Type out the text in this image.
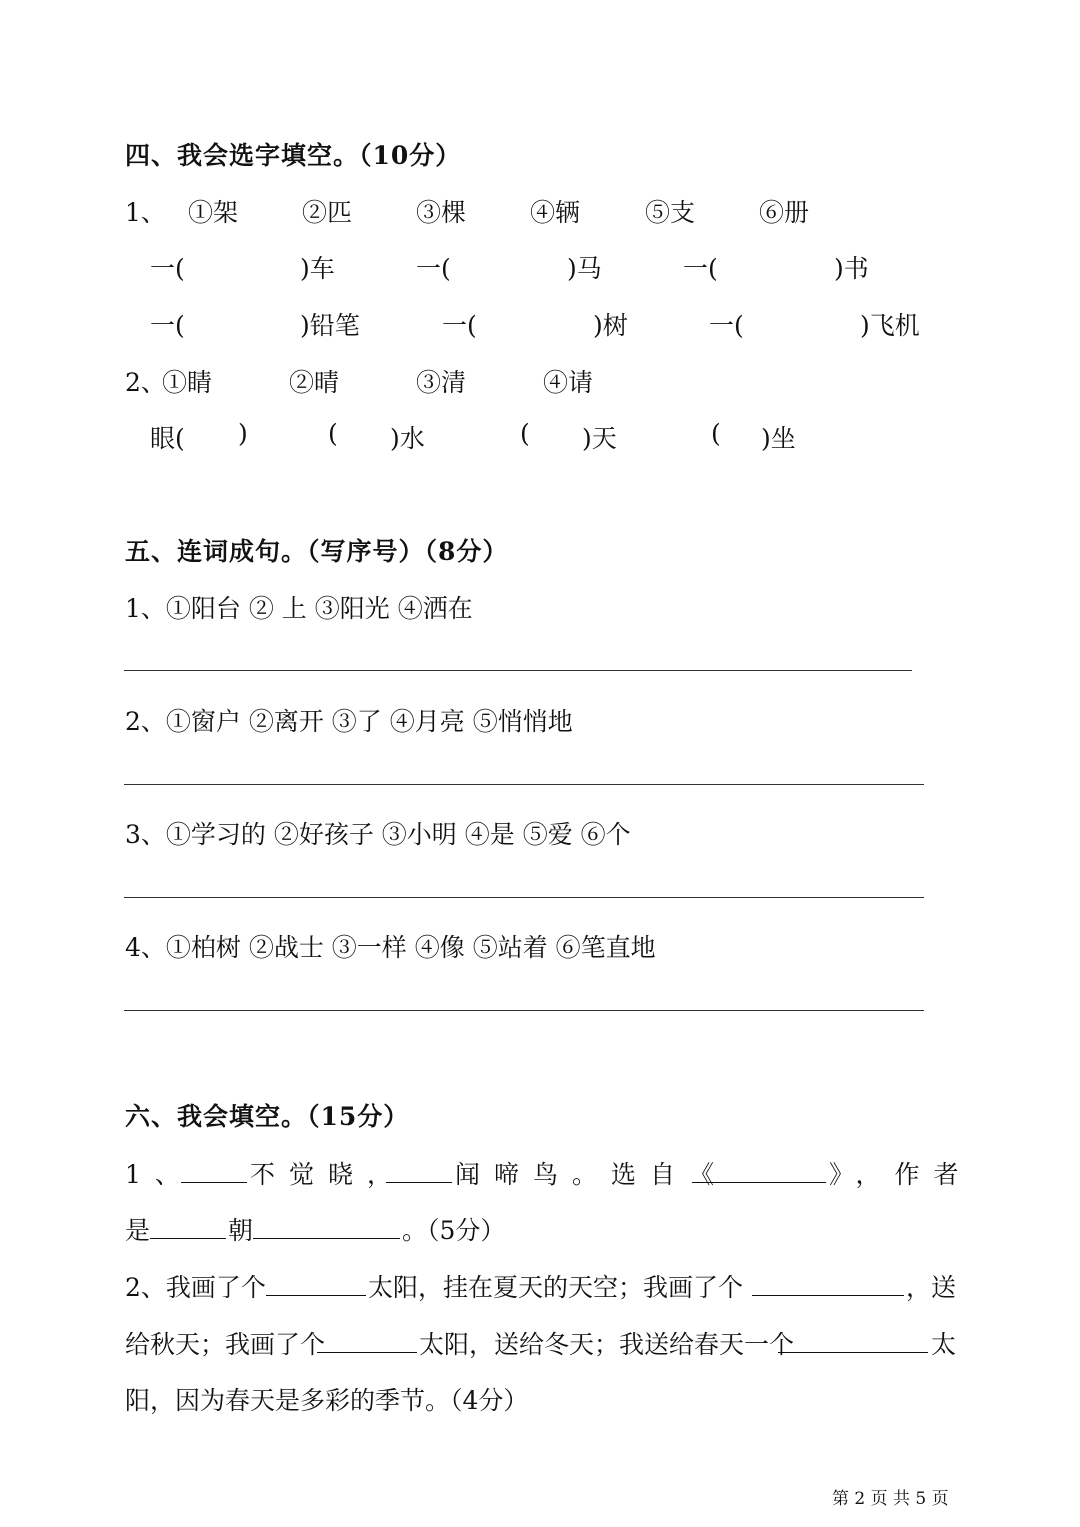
四、我会选字填空。（10分）
1、 ①架	②匹	③棵	④辆	⑤支	⑥册
一(	)车	一(	)马	一(	)书
一(	)铅笔	一(	)树	一(	)飞机
2、
①睛	②晴	③清	④请
眼( )	( )水	( )天	( )坐
五、连词成句。（写序号）（8分）
1、①阳台 ② 上 ③阳光 ④洒在
2、①窗户 ②离开 ③了 ④月亮 ⑤悄悄地
3、①学习的 ②好孩子 ③小明 ④是 ⑤爱 ⑥个
4、①柏树 ②战士 ③一样 ④像 ⑤站着 ⑥笔直地
六、我会填空。（15分）
1、 不觉晓， 闻啼鸟。选自《	》，作者
是	朝	。（5分）
2、我画了个	太阳，挂在夏天的天空；我画了个	，送
给秋天；我画了个	太阳，送给冬天；我送给春天一个	太
阳，因为春天是多彩的季节。（4分）
第 2 页 共 5 页
